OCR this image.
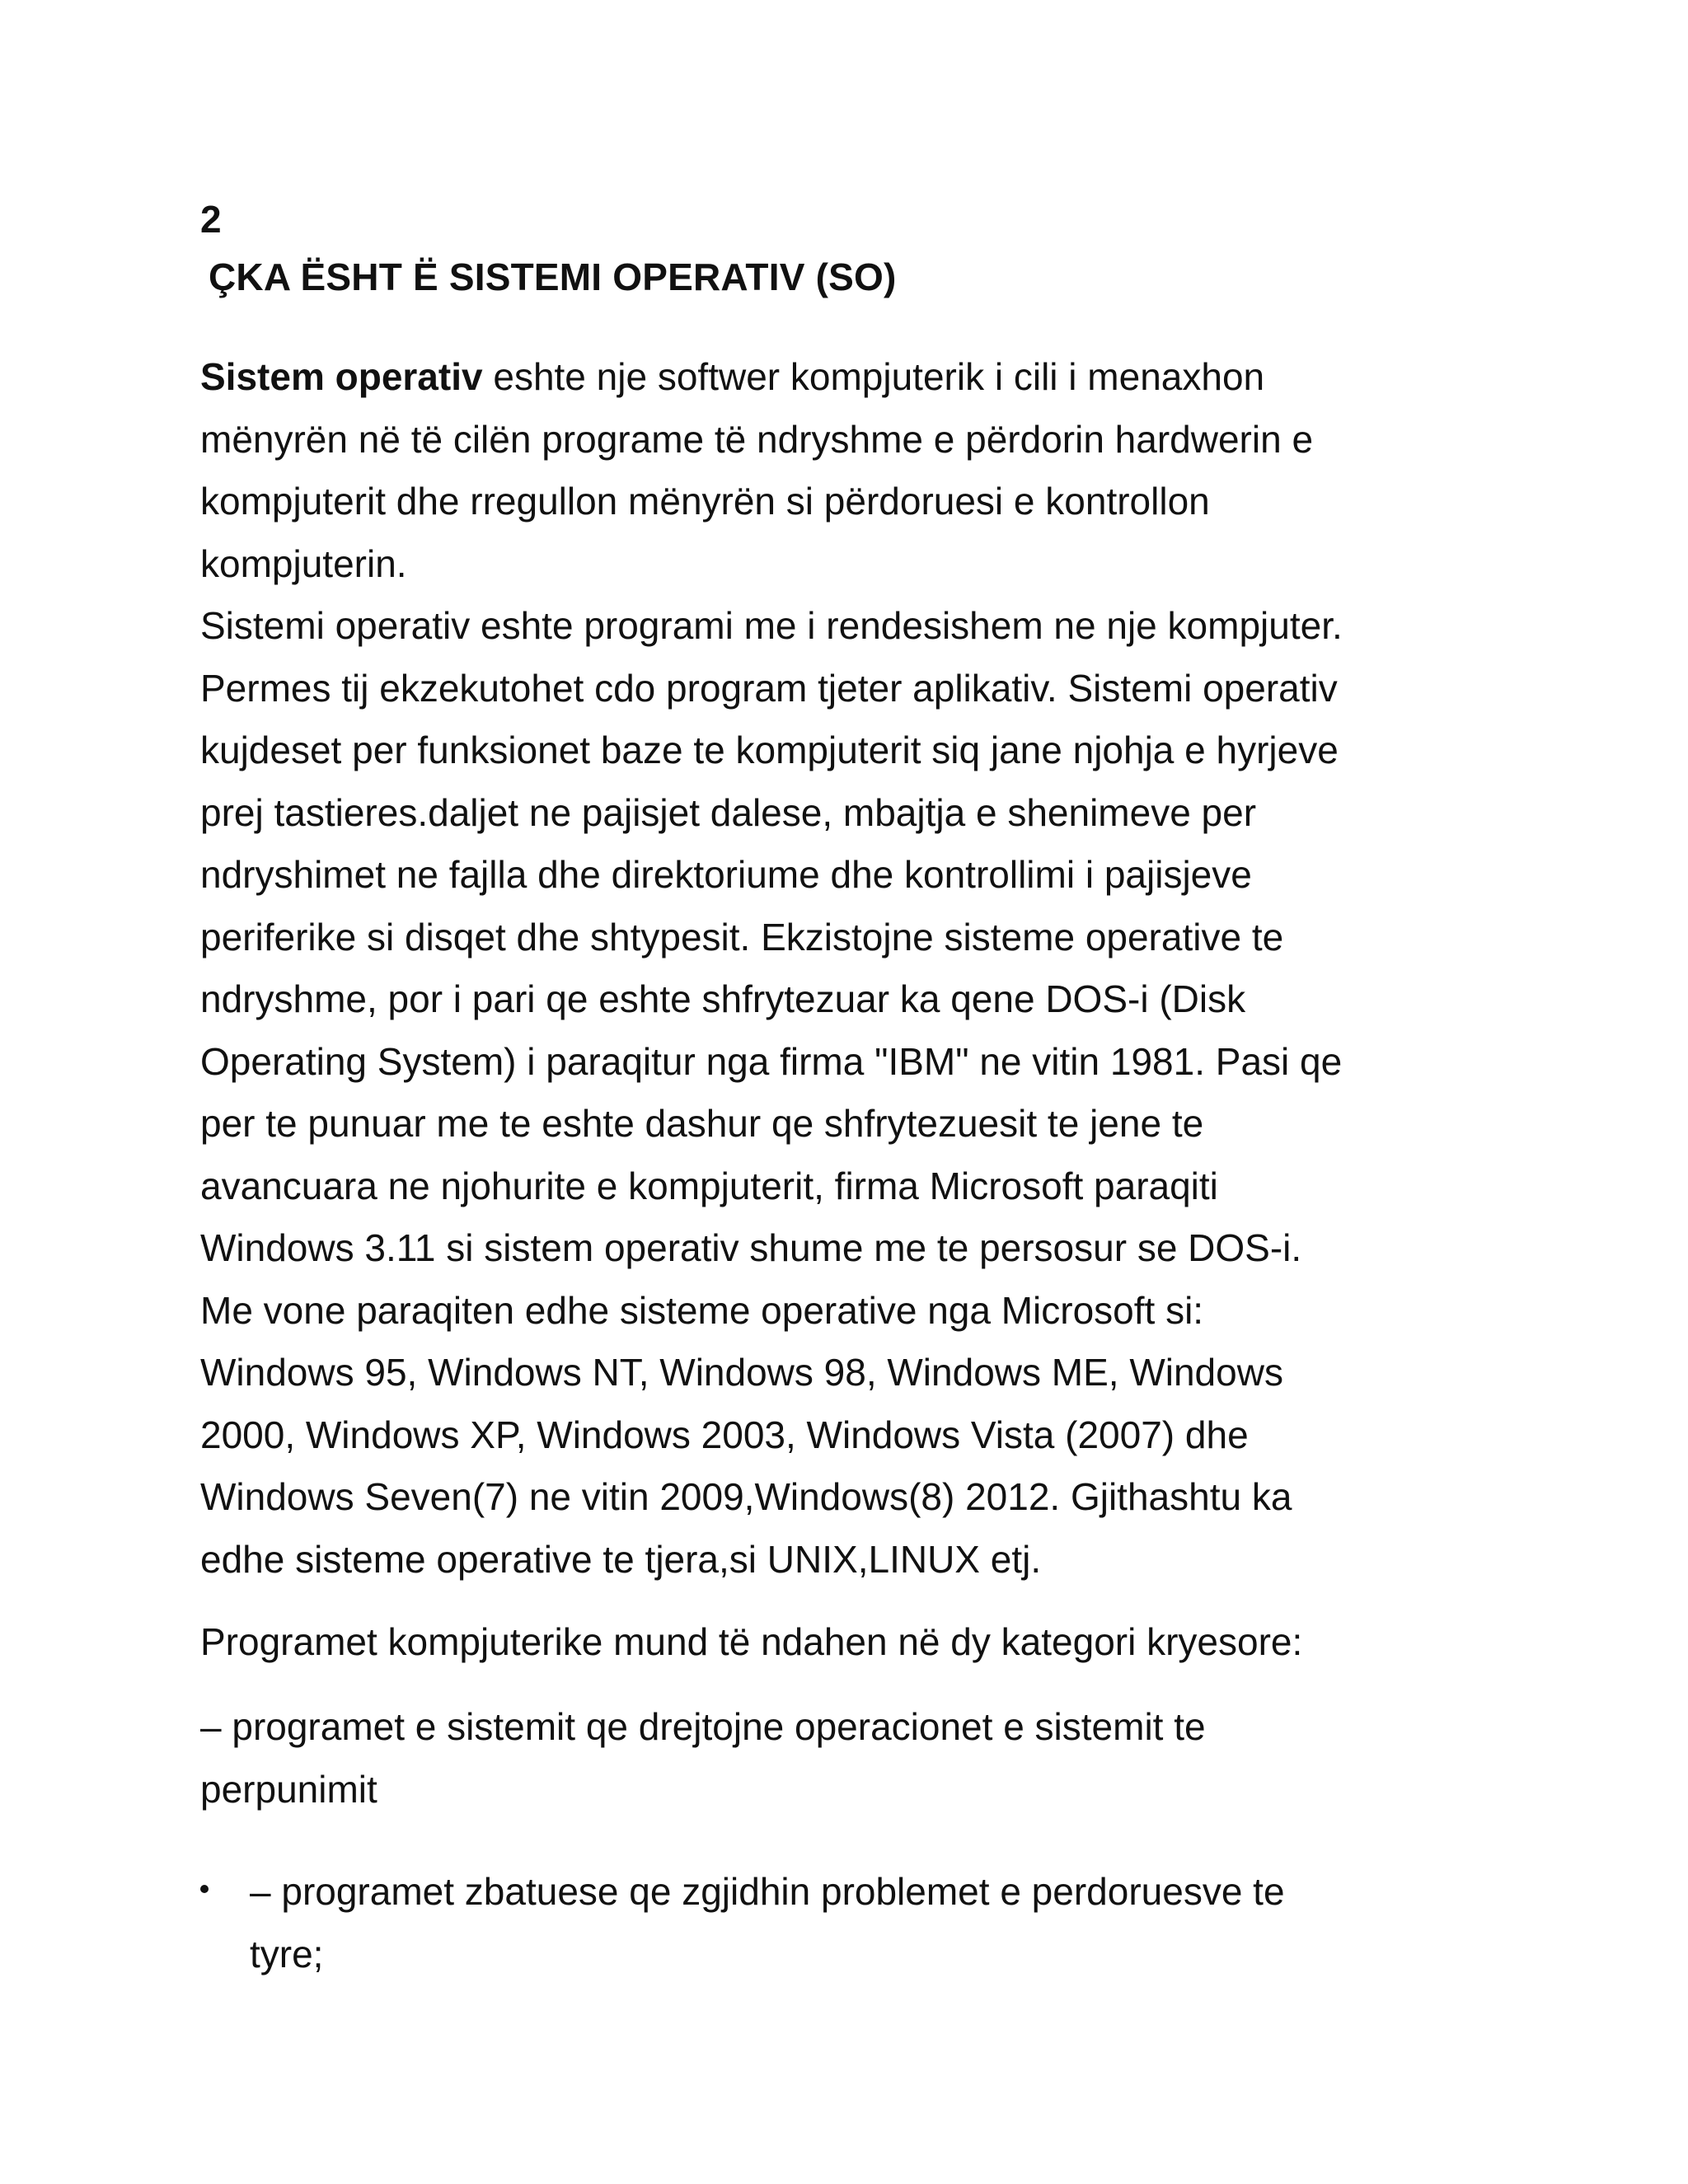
2
ÇKA ËSHT Ë SISTEMI OPERATIV (SO)
Sistem operativ eshte nje softwer kompjuterik i cili i menaxhon
mënyrën në të cilën programe të ndryshme e përdorin hardwerin e
kompjuterit dhe rregullon mënyrën si përdoruesi e kontrollon
kompjuterin.
Sistemi operativ eshte programi me i rendesishem ne nje kompjuter.
Permes tij ekzekutohet cdo program tjeter aplikativ. Sistemi operativ
kujdeset per funksionet baze te kompjuterit siq jane njohja e hyrjeve
prej tastieres.daljet ne pajisjet dalese, mbajtja e shenimeve per
ndryshimet ne fajlla dhe direktoriume dhe kontrollimi i pajisjeve
periferike si disqet dhe shtypesit. Ekzistojne sisteme operative te
ndryshme, por i pari qe eshte shfrytezuar ka qene DOS-i (Disk
Operating System) i paraqitur nga firma "IBM" ne vitin 1981. Pasi qe
per te punuar me te eshte dashur qe shfrytezuesit te jene te
avancuara ne njohurite e kompjuterit, firma Microsoft paraqiti
Windows 3.11 si sistem operativ shume me te persosur se DOS-i.
Me vone paraqiten edhe sisteme operative nga Microsoft si:
Windows 95, Windows NT, Windows 98, Windows ME, Windows
2000, Windows XP, Windows 2003, Windows Vista (2007) dhe
Windows Seven(7) ne vitin 2009,Windows(8) 2012. Gjithashtu ka
edhe sisteme operative te tjera,si UNIX,LINUX etj.
Programet kompjuterike mund të ndahen në dy kategori kryesore:
– programet e sistemit qe drejtojne operacionet e sistemit te
perpunimit
– programet zbatuese qe zgjidhin problemet e perdoruesve te
tyre;
